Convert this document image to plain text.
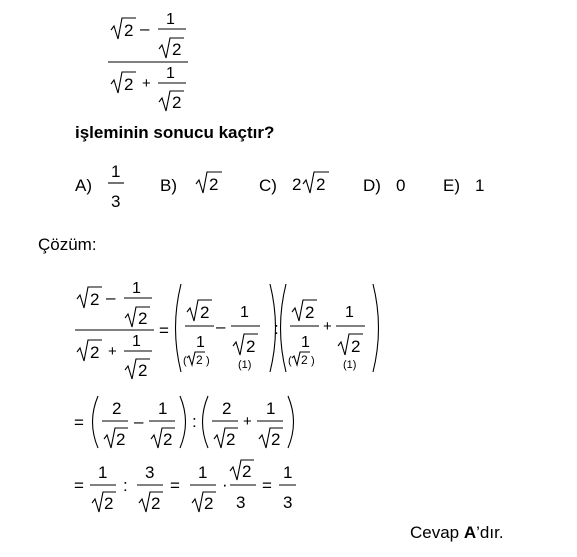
2 – 1
2
2 +
1
2
işleminin sonucu kaçtır?
A)
1
3
B) 2 C) 2 2 D) 0 E) 1
Çözüm:
2 – 1
2
2 +
1
2
=
2
1
( 2 )
–
1
2
(1)
:
2
1
( 2 )
+
1
2
(1)
=
2
2
–
1
2
:
2
2
+
1
2
=
1
2
:
3
2
=
1
2
·
2
3
=
1
3
Cevap A’dır.
